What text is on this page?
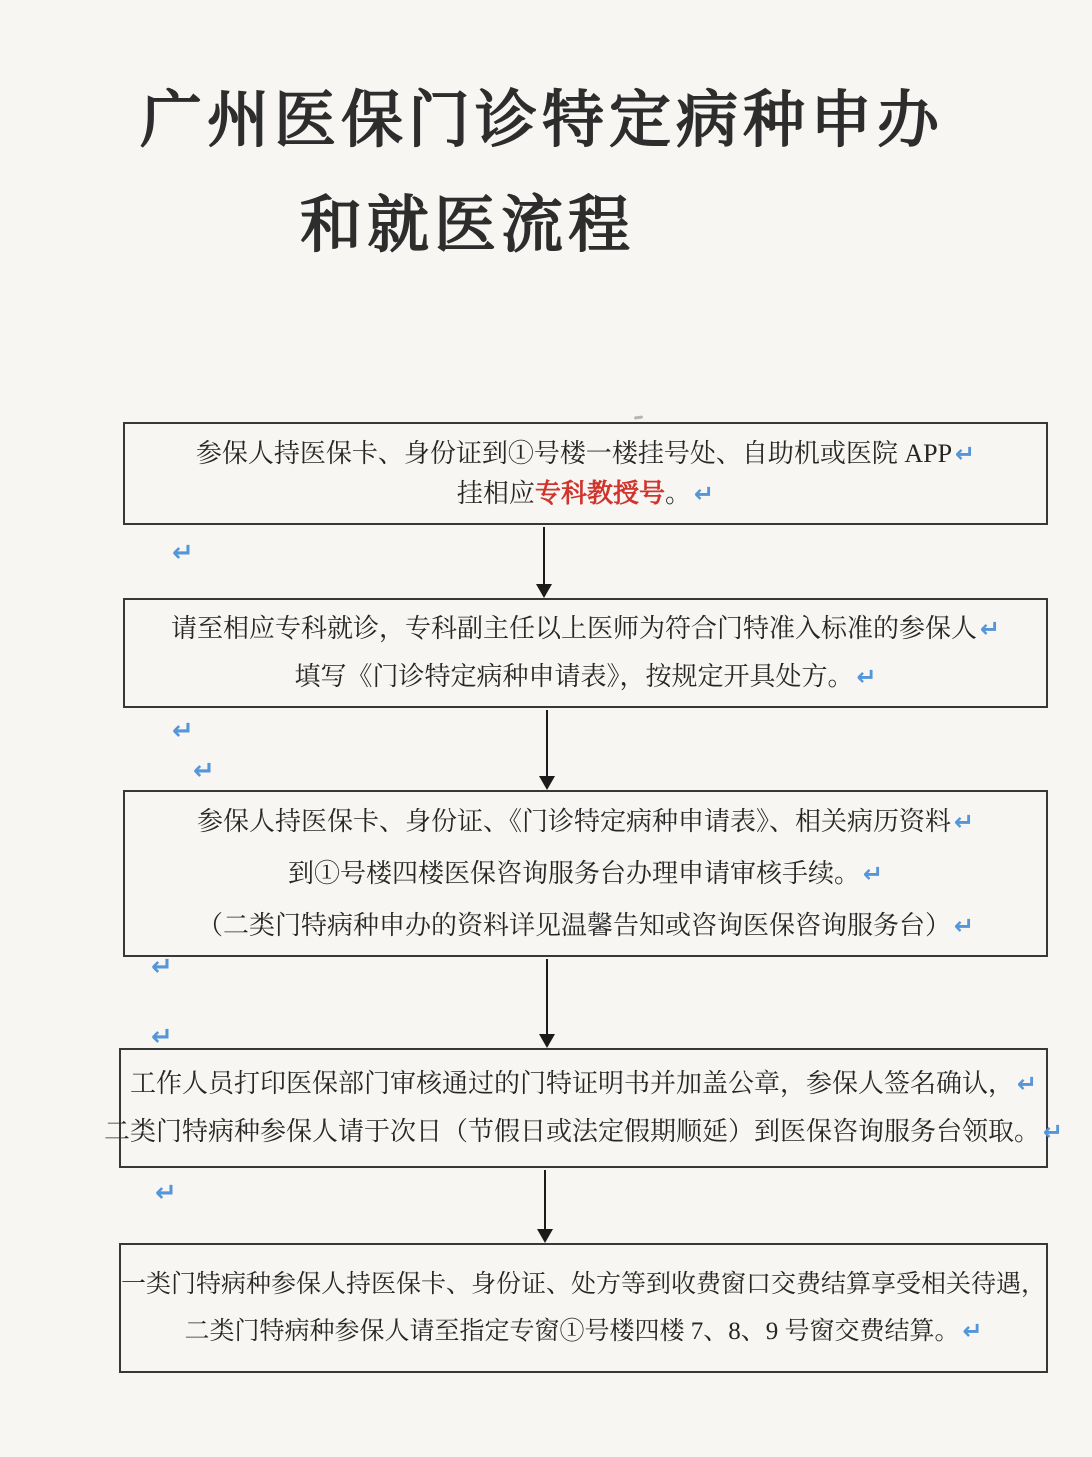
广州医保门诊特定病种申办
和就医流程
参保人持医保卡、身份证到①号楼一楼挂号处、自助机或医院 APP ↵
挂相应专科教授号。 ↵
↵
请至相应专科就诊，专科副主任以上医师为符合门特准入标准的参保人 ↵
填写《门诊特定病种申请表》，按规定开具处方。 ↵
↵
↵
参保人持医保卡、身份证、《门诊特定病种申请表》、相关病历资料 ↵
到①号楼四楼医保咨询服务台办理申请审核手续。 ↵
（二类门特病种申办的资料详见温馨告知或咨询医保咨询服务台） ↵
↵
↵
工作人员打印医保部门审核通过的门特证明书并加盖公章，参保人签名确认， ↵
二类门特病种参保人请于次日（节假日或法定假期顺延）到医保咨询服务台领取。 ↵
↵
一类门特病种参保人持医保卡、身份证、处方等到收费窗口交费结算享受相关待遇，
二类门特病种参保人请至指定专窗①号楼四楼 7、8、9 号窗交费结算。 ↵
